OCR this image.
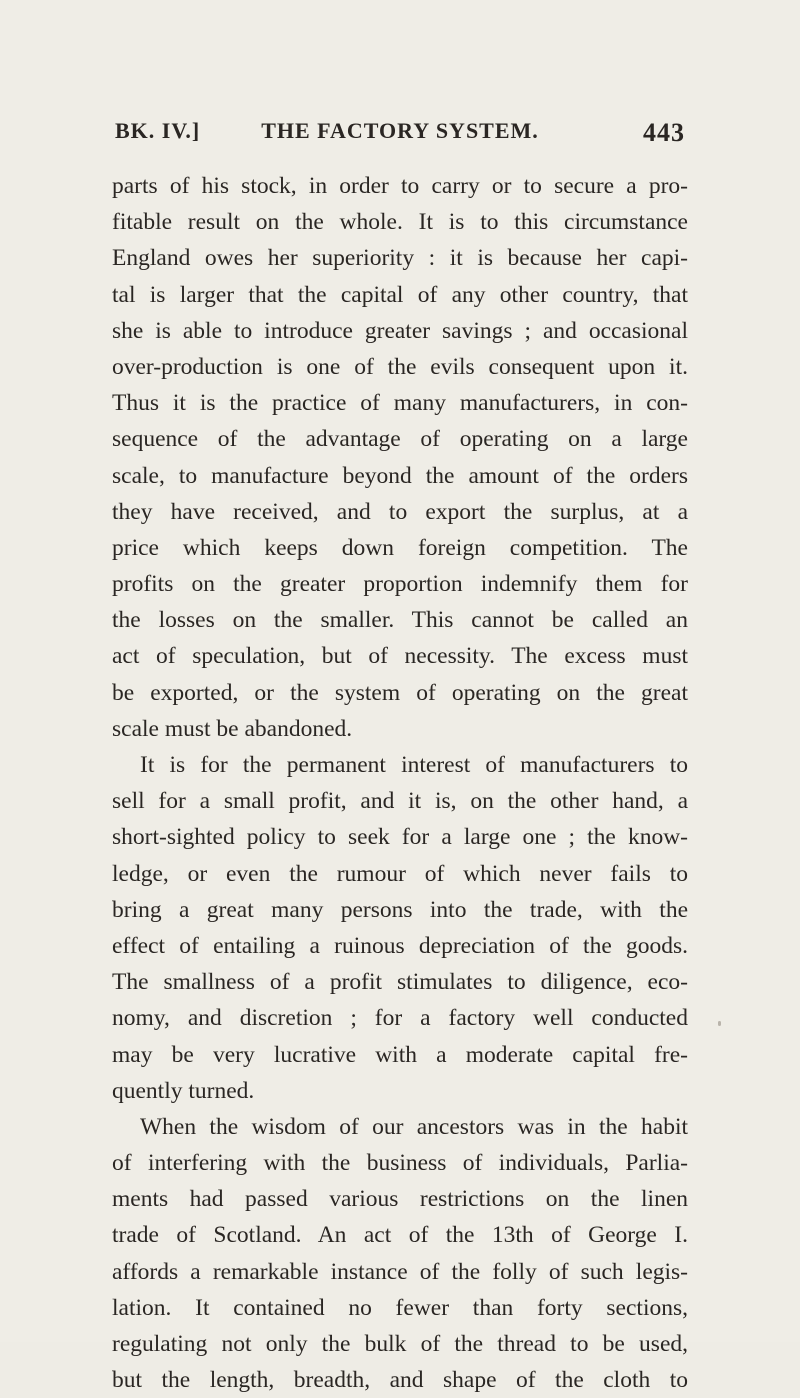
BK. IV.]	THE FACTORY SYSTEM.	443
parts of his stock, in order to carry or to secure a pro-
fitable result on the whole. It is to this circumstance
England owes her superiority : it is because her capi-
tal is larger that the capital of any other country, that
she is able to introduce greater savings ; and occasional
over-production is one of the evils consequent upon it.
Thus it is the practice of many manufacturers, in con-
sequence of the advantage of operating on a large
scale, to manufacture beyond the amount of the orders
they have received, and to export the surplus, at a
price which keeps down foreign competition. The
profits on the greater proportion indemnify them for
the losses on the smaller. This cannot be called an
act of speculation, but of necessity. The excess must
be exported, or the system of operating on the great
scale must be abandoned.
It is for the permanent interest of manufacturers to
sell for a small profit, and it is, on the other hand, a
short-sighted policy to seek for a large one ; the know-
ledge, or even the rumour of which never fails to
bring a great many persons into the trade, with the
effect of entailing a ruinous depreciation of the goods.
The smallness of a profit stimulates to diligence, eco-
nomy, and discretion ; for a factory well conducted
may be very lucrative with a moderate capital fre-
quently turned.
When the wisdom of our ancestors was in the habit
of interfering with the business of individuals, Parlia-
ments had passed various restrictions on the linen
trade of Scotland. An act of the 13th of George I.
affords a remarkable instance of the folly of such legis-
lation. It contained no fewer than forty sections,
regulating not only the bulk of the thread to be used,
but the length, breadth, and shape of the cloth to
